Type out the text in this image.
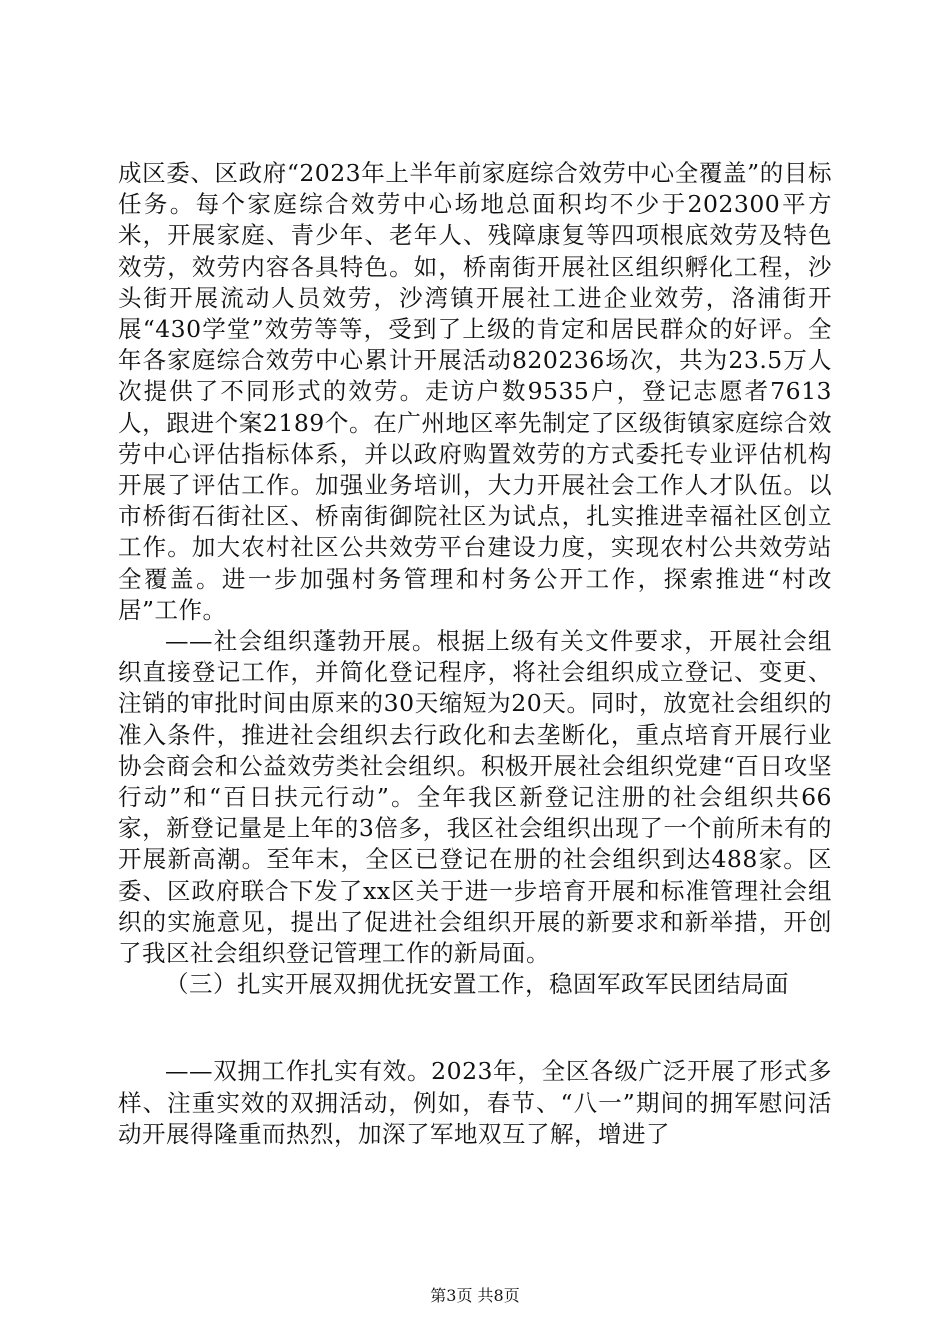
成区委、区政府“2023年上半年前家庭综合效劳中心全覆盖”的目标任务。每个家庭综合效劳中心场地总面积均不少于202300平方米，开展家庭、青少年、老年人、残障康复等四项根底效劳及特色效劳，效劳内容各具特色。如，桥南街开展社区组织孵化工程，沙头街开展流动人员效劳，沙湾镇开展社工进企业效劳，洛浦街开展“430学堂”效劳等等，受到了上级的肯定和居民群众的好评。全年各家庭综合效劳中心累计开展活动820236场次，共为23.5万人次提供了不同形式的效劳。走访户数9535户，登记志愿者7613人，跟进个案2189个。在广州地区率先制定了区级街镇家庭综合效劳中心评估指标体系，并以政府购置效劳的方式委托专业评估机构开展了评估工作。加强业务培训，大力开展社会工作人才队伍。以市桥街石街社区、桥南街御院社区为试点，扎实推进幸福社区创立工作。加大农村社区公共效劳平台建设力度，实现农村公共效劳站全覆盖。进一步加强村务管理和村务公开工作，探索推进“村改居”工作。

——社会组织蓬勃开展。根据上级有关文件要求，开展社会组织直接登记工作，并简化登记程序，将社会组织成立登记、变更、注销的审批时间由原来的30天缩短为20天。同时，放宽社会组织的准入条件，推进社会组织去行政化和去垄断化，重点培育开展行业协会商会和公益效劳类社会组织。积极开展社会组织党建“百日攻坚行动”和“百日扶元行动”。全年我区新登记注册的社会组织共66家，新登记量是上年的3倍多，我区社会组织出现了一个前所未有的开展新高潮。至年末，全区已登记在册的社会组织到达488家。区委、区政府联合下发了xx区关于进一步培育开展和标准管理社会组织的实施意见，提出了促进社会组织开展的新要求和新举措，开创了我区社会组织登记管理工作的新局面。

（三）扎实开展双拥优抚安置工作，稳固军政军民团结局面

——双拥工作扎实有效。2023年，全区各级广泛开展了形式多样、注重实效的双拥活动，例如，春节、“八一”期间的拥军慰问活动开展得隆重而热烈，加深了军地双互了解，增进了

第3页 共8页
